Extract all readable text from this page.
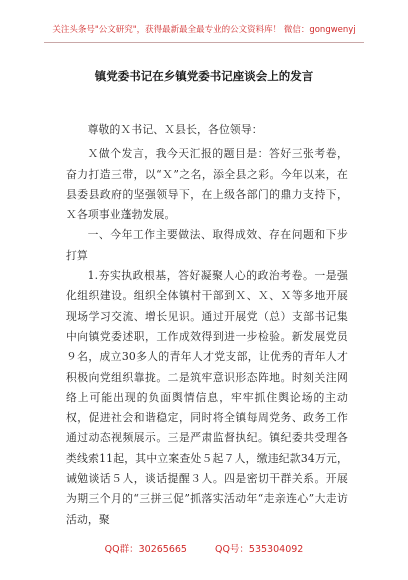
关注头条号"公文研究"，获得最新最全最专业的公文资料库！ 微信：gongwenyj
镇党委书记在乡镇党委书记座谈会上的发言

尊敬的Ｘ书记、Ｘ县长，各位领导：

Ｘ做个发言，我今天汇报的题目是：答好三张考卷，奋力打造三带，以“Ｘ”之名，添全县之彩。今年以来，在县委县政府的坚强领导下，在上级各部门的鼎力支持下，Ｘ各项事业蓬勃发展。

一、今年工作主要做法、取得成效、存在问题和下步打算

1.夯实执政根基，答好凝聚人心的政治考卷。一是强化组织建设。组织全体镇村干部到Ｘ、Ｘ、Ｘ等多地开展现场学习交流、增长见识。通过开展党（总）支部书记集中向镇党委述职，工作成效得到进一步检验。新发展党员９名，成立30多人的青年人才党支部，让优秀的青年人才积极向党组织靠拢。二是筑牢意识形态阵地。时刻关注网络上可能出现的负面舆情信息，牢牢抓住舆论场的主动权，促进社会和谐稳定，同时将全镇每周党务、政务工作通过动态视频展示。三是严肃监督执纪。镇纪委共受理各类线索11起，其中立案查处５起７人，缴违纪款34万元，诫勉谈话５人，谈话提醒３人。四是密切干群关系。开展为期三个月的“三拼三促”抓落实活动年“走亲连心”大走访活动，聚

QQ群：30265665	QQ号：535304092
